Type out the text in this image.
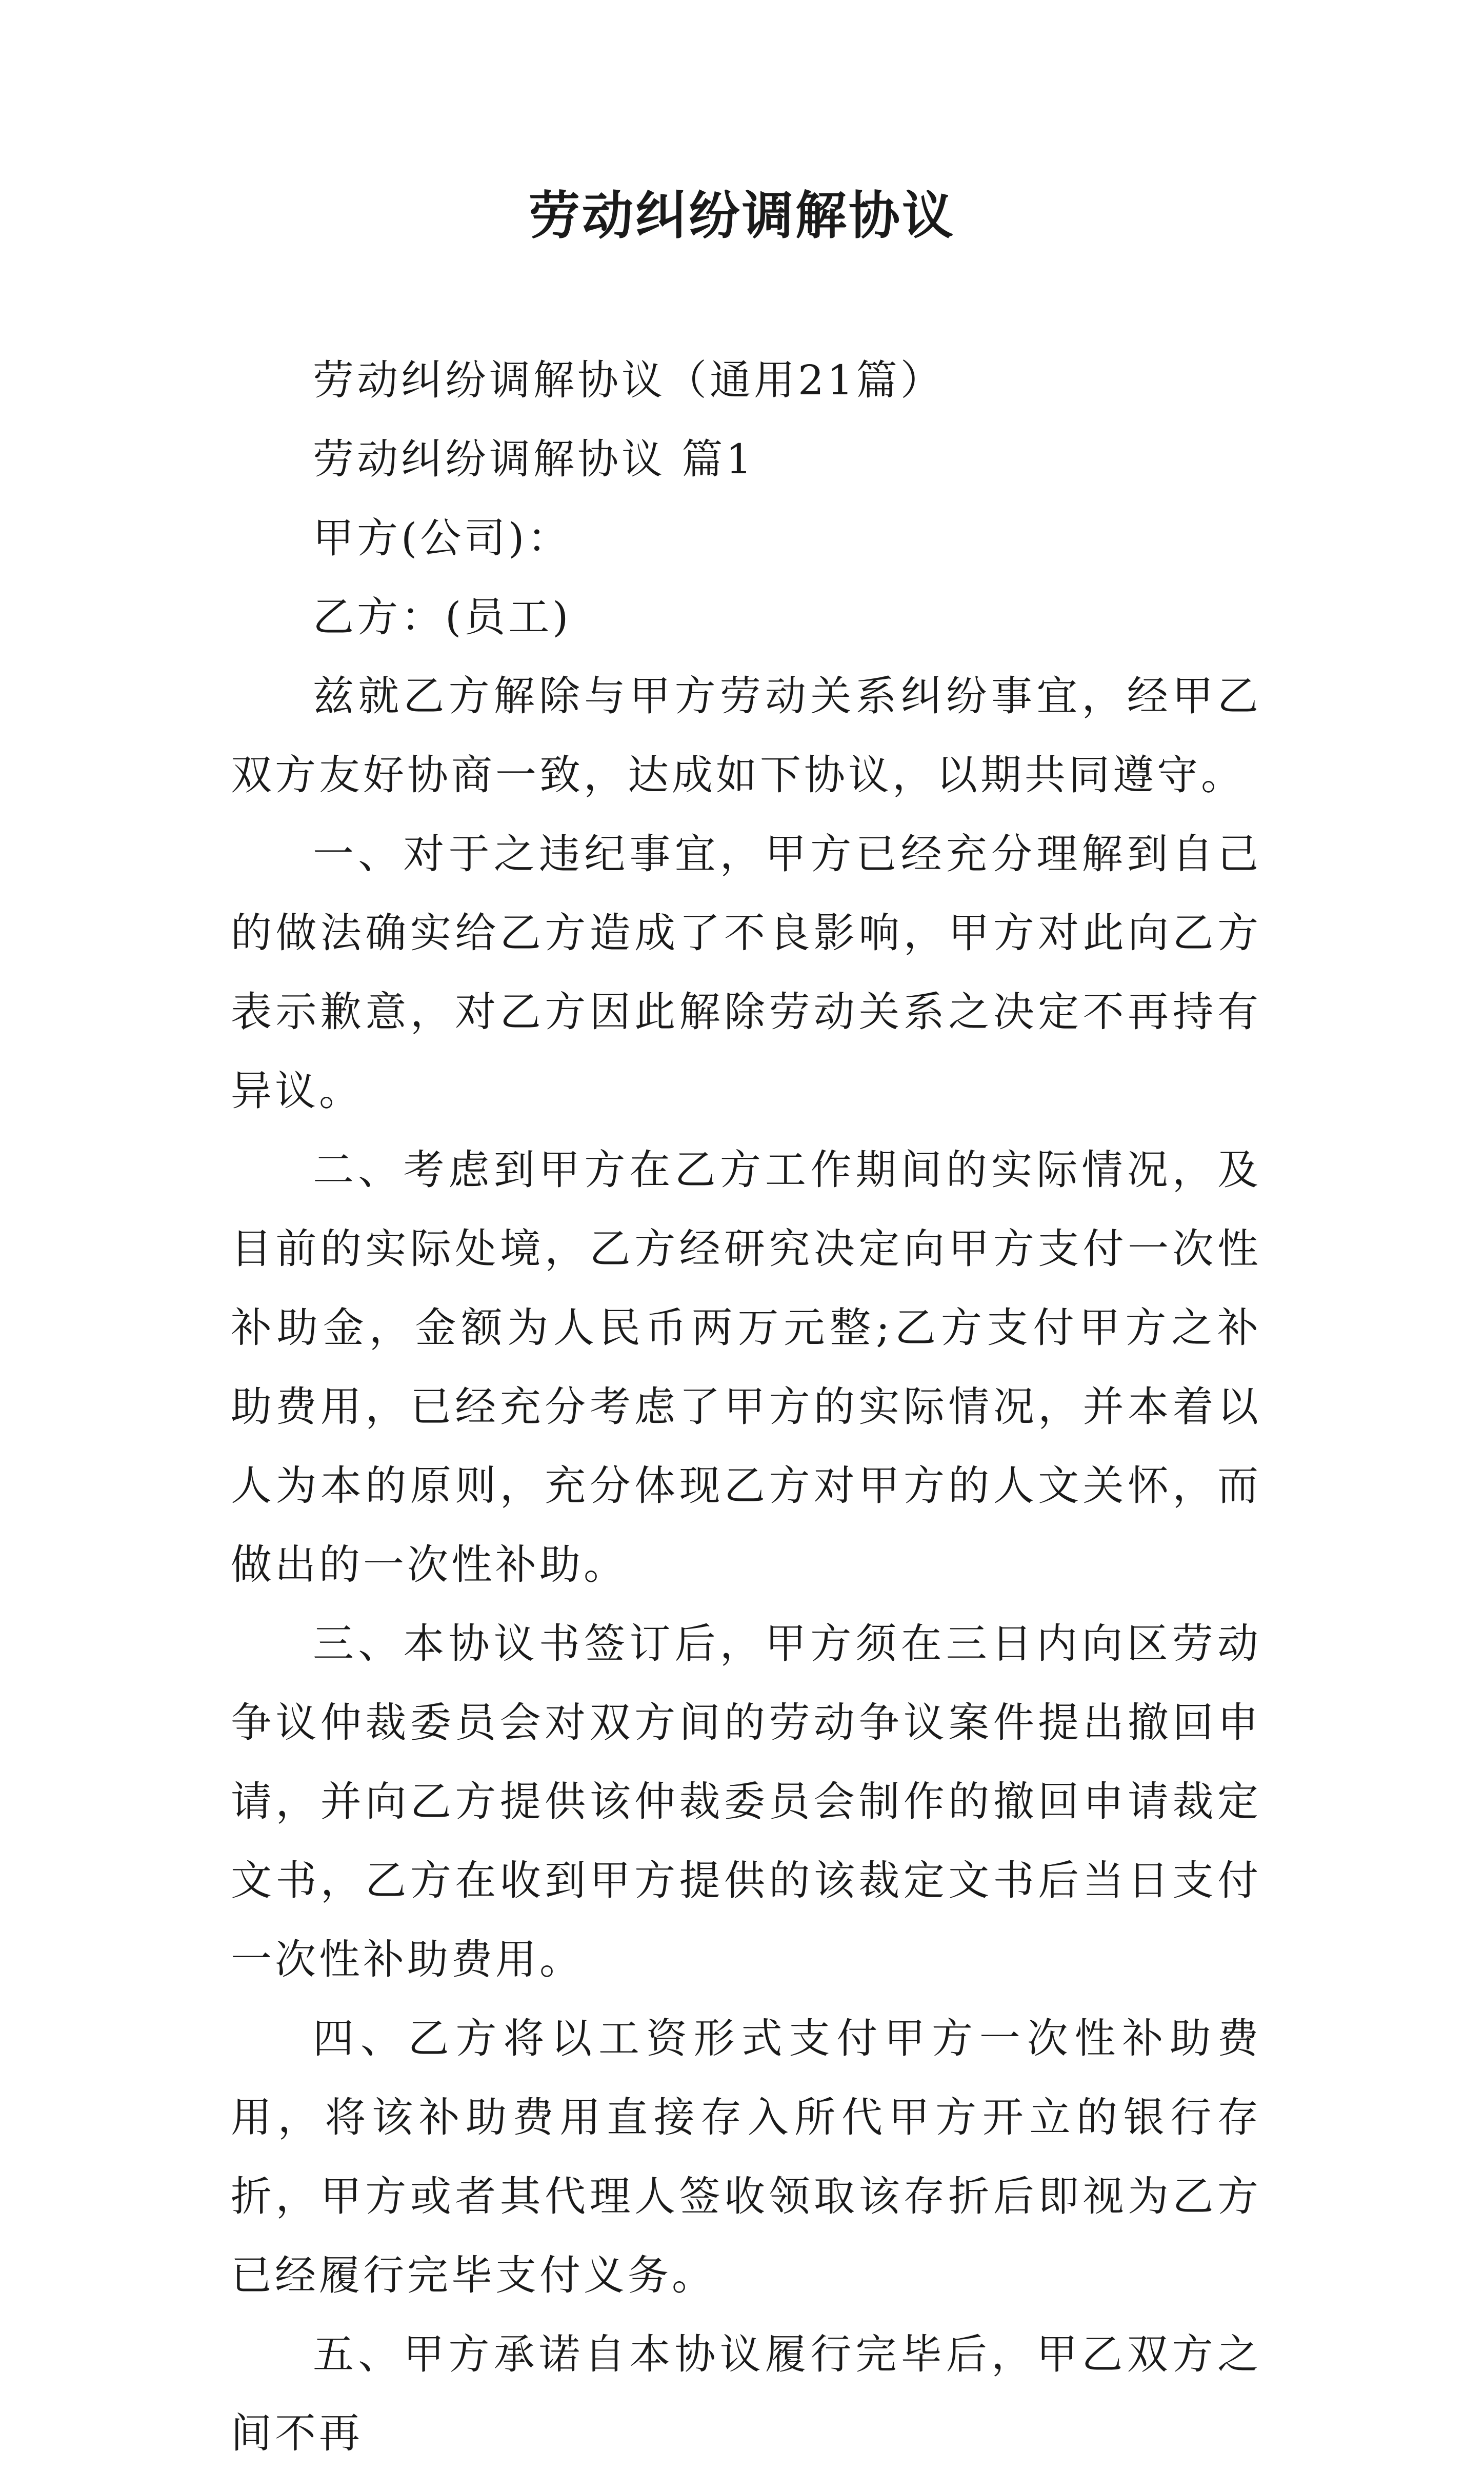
劳动纠纷调解协议

劳动纠纷调解协议（通用21篇）

劳动纠纷调解协议 篇1

甲方(公司)：

乙方：(员工)

兹就乙方解除与甲方劳动关系纠纷事宜，经甲乙双方友好协商一致，达成如下协议，以期共同遵守。

一、对于之违纪事宜，甲方已经充分理解到自己的做法确实给乙方造成了不良影响，甲方对此向乙方表示歉意，对乙方因此解除劳动关系之决定不再持有异议。

二、考虑到甲方在乙方工作期间的实际情况，及目前的实际处境，乙方经研究决定向甲方支付一次性补助金，金额为人民币两万元整;乙方支付甲方之补助费用，已经充分考虑了甲方的实际情况，并本着以人为本的原则，充分体现乙方对甲方的人文关怀，而做出的一次性补助。

三、本协议书签订后，甲方须在三日内向区劳动争议仲裁委员会对双方间的劳动争议案件提出撤回申请，并向乙方提供该仲裁委员会制作的撤回申请裁定文书，乙方在收到甲方提供的该裁定文书后当日支付一次性补助费用。

四、乙方将以工资形式支付甲方一次性补助费用，将该补助费用直接存入所代甲方开立的银行存折，甲方或者其代理人签收领取该存折后即视为乙方已经履行完毕支付义务。

五、甲方承诺自本协议履行完毕后，甲乙双方之间不再
